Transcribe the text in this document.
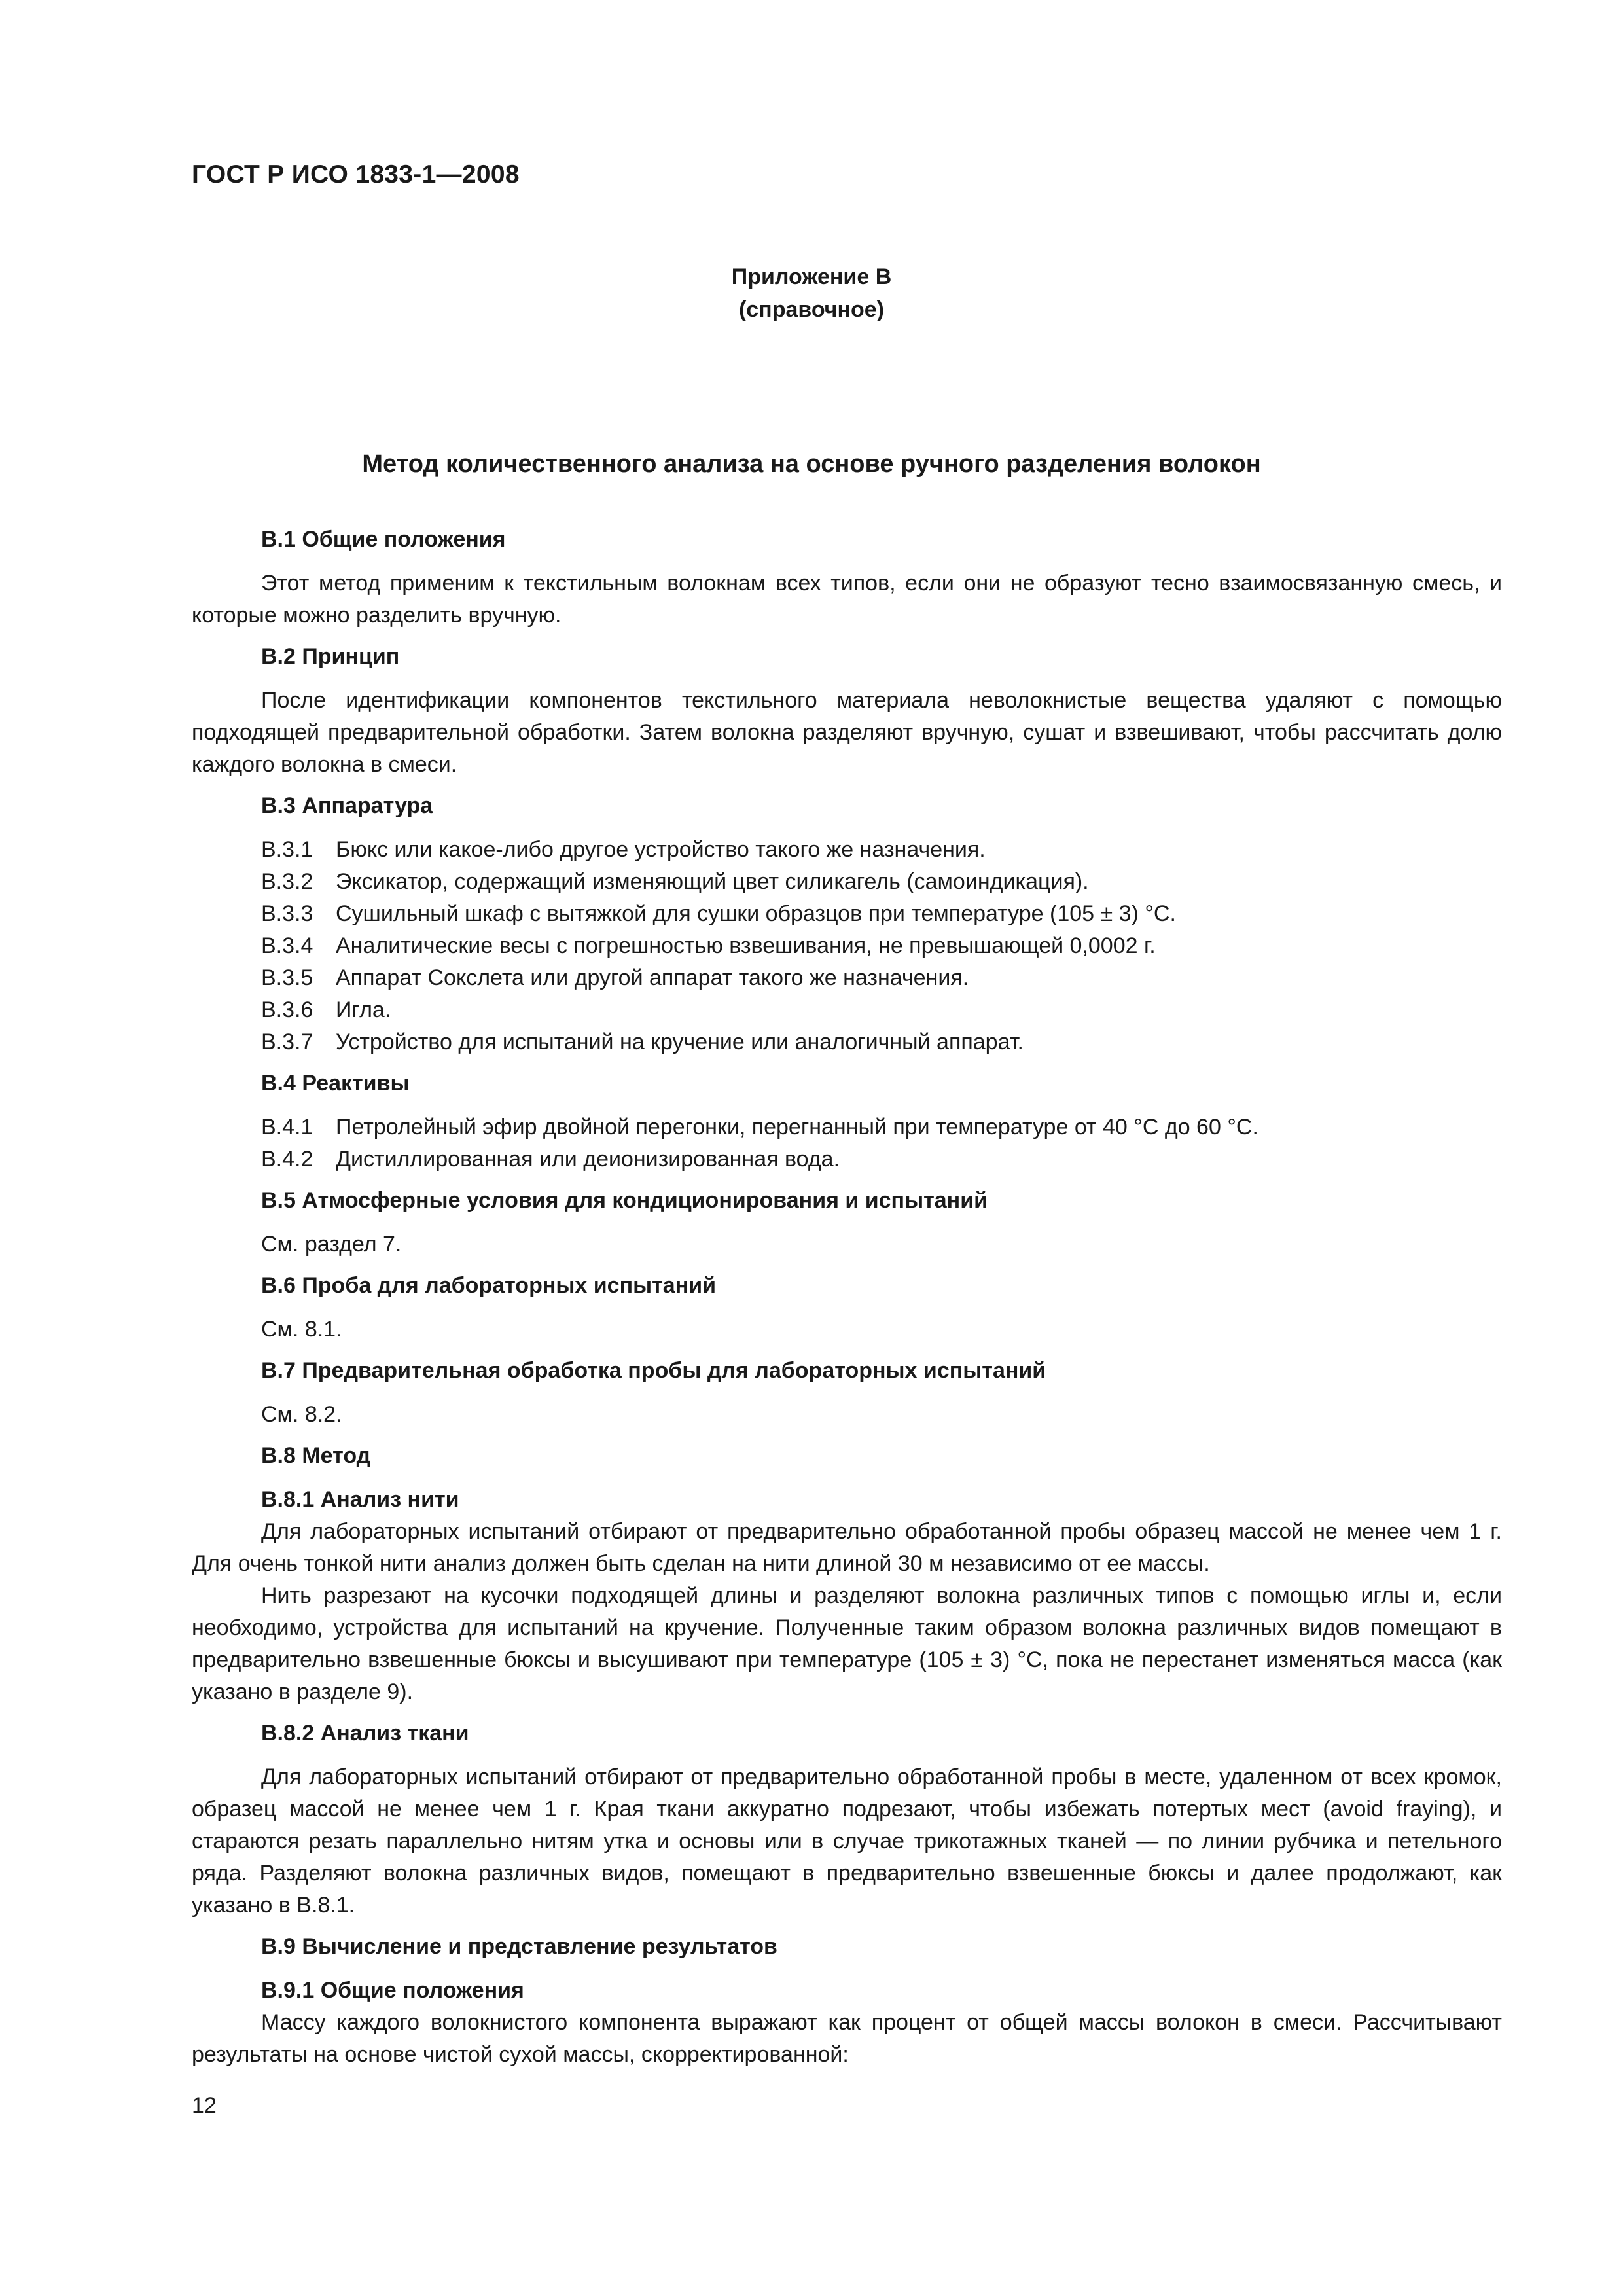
ГОСТ Р ИСО 1833-1—2008
Приложение В
(справочное)
Метод количественного анализа на основе ручного разделения волокон

В.1 Общие положения

Этот метод применим к текстильным волокнам всех типов, если они не образуют тесно взаимосвязанную смесь, и которые можно разделить вручную.

В.2 Принцип

После идентификации компонентов текстильного материала неволокнистые вещества удаляют с помощью подходящей предварительной обработки. Затем волокна разделяют вручную, сушат и взвешивают, чтобы рассчитать долю каждого волокна в смеси.

В.3 Аппаратура

В.3.1 Бюкс или какое-либо другое устройство такого же назначения.

В.3.2 Эксикатор, содержащий изменяющий цвет силикагель (самоиндикация).

В.3.3 Сушильный шкаф с вытяжкой для сушки образцов при температуре (105 ± 3) °С.

В.3.4 Аналитические весы с погрешностью взвешивания, не превышающей 0,0002 г.

В.3.5 Аппарат Сокслета или другой аппарат такого же назначения.

В.3.6 Игла.

В.3.7 Устройство для испытаний на кручение или аналогичный аппарат.

В.4 Реактивы

В.4.1 Петролейный эфир двойной перегонки, перегнанный при температуре от 40 °С до 60 °С.

В.4.2 Дистиллированная или деионизированная вода.

В.5 Атмосферные условия для кондиционирования и испытаний

См. раздел 7.

В.6 Проба для лабораторных испытаний

См. 8.1.

В.7 Предварительная обработка пробы для лабораторных испытаний

См. 8.2.

В.8 Метод

В.8.1 Анализ нити

Для лабораторных испытаний отбирают от предварительно обработанной пробы образец массой не менее чем 1 г. Для очень тонкой нити анализ должен быть сделан на нити длиной 30 м независимо от ее массы.

Нить разрезают на кусочки подходящей длины и разделяют волокна различных типов с помощью иглы и, если необходимо, устройства для испытаний на кручение. Полученные таким образом волокна различных видов помещают в предварительно взвешенные бюксы и высушивают при температуре (105 ± 3) °С, пока не перестанет изменяться масса (как указано в разделе 9).

В.8.2 Анализ ткани

Для лабораторных испытаний отбирают от предварительно обработанной пробы в месте, удаленном от всех кромок, образец массой не менее чем 1 г. Края ткани аккуратно подрезают, чтобы избежать потертых мест (avoid fraying), и стараются резать параллельно нитям утка и основы или в случае трикотажных тканей — по линии рубчика и петельного ряда. Разделяют волокна различных видов, помещают в предварительно взвешенные бюксы и далее продолжают, как указано в В.8.1.

В.9 Вычисление и представление результатов

В.9.1 Общие положения

Массу каждого волокнистого компонента выражают как процент от общей массы волокон в смеси. Рассчитывают результаты на основе чистой сухой массы, скорректированной:

12
